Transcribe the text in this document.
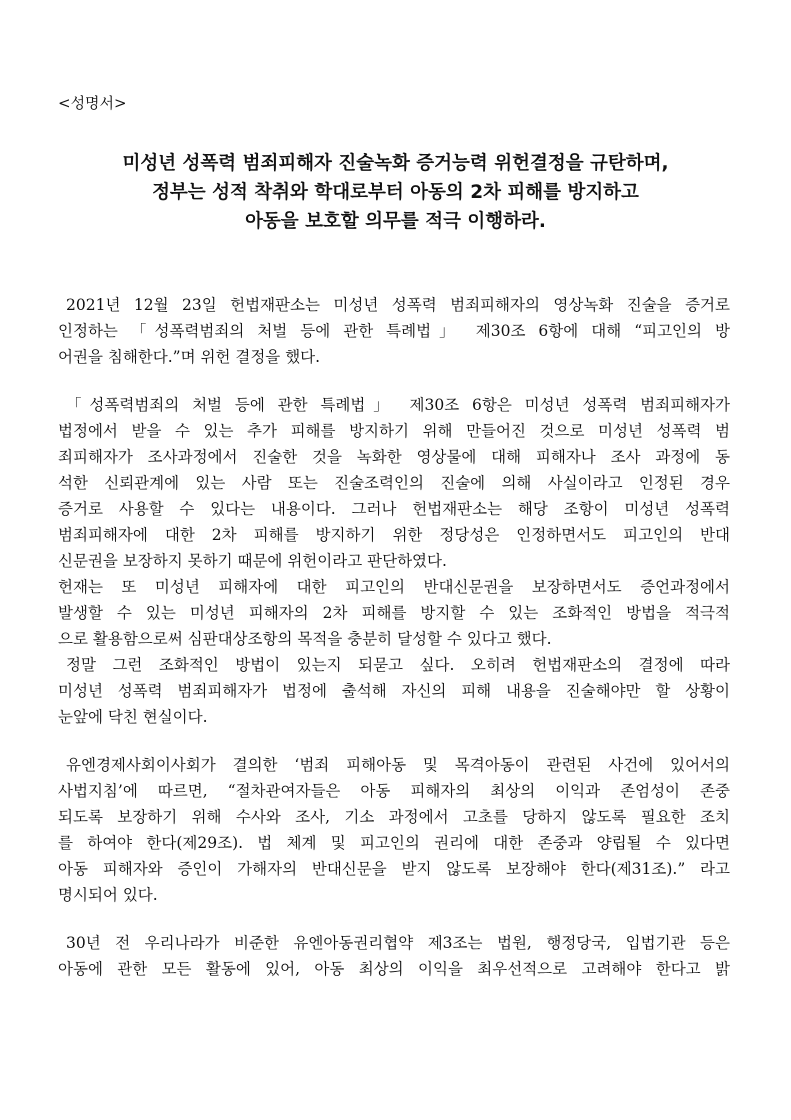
<성명서>
미성년 성폭력 범죄피해자 진술녹화 증거능력 위헌결정을 규탄하며,
정부는 성적 착취와 학대로부터 아동의 2차 피해를 방지하고
아동을 보호할 의무를 적극 이행하라.
2021년 12월 23일 헌법재판소는 미성년 성폭력 범죄피해자의 영상녹화 진술을 증거로
인정하는 「성폭력범죄의 처벌 등에 관한 특례법」 제30조 6항에 대해 “피고인의 방
어권을 침해한다.”며 위헌 결정을 했다.
「성폭력범죄의 처벌 등에 관한 특례법」 제30조 6항은 미성년 성폭력 범죄피해자가
법정에서 받을 수 있는 추가 피해를 방지하기 위해 만들어진 것으로 미성년 성폭력 범
죄피해자가 조사과정에서 진술한 것을 녹화한 영상물에 대해 피해자나 조사 과정에 동
석한 신뢰관계에 있는 사람 또는 진술조력인의 진술에 의해 사실이라고 인정된 경우
증거로 사용할 수 있다는 내용이다. 그러나 헌법재판소는 해당 조항이 미성년 성폭력
범죄피해자에 대한 2차 피해를 방지하기 위한 정당성은 인정하면서도 피고인의 반대
신문권을 보장하지 못하기 때문에 위헌이라고 판단하였다.
헌재는 또 미성년 피해자에 대한 피고인의 반대신문권을 보장하면서도 증언과정에서
발생할 수 있는 미성년 피해자의 2차 피해를 방지할 수 있는 조화적인 방법을 적극적
으로 활용함으로써 심판대상조항의 목적을 충분히 달성할 수 있다고 했다.
정말 그런 조화적인 방법이 있는지 되묻고 싶다. 오히려 헌법재판소의 결정에 따라
미성년 성폭력 범죄피해자가 법정에 출석해 자신의 피해 내용을 진술해야만 할 상황이
눈앞에 닥친 현실이다.
유엔경제사회이사회가 결의한 ‘범죄 피해아동 및 목격아동이 관련된 사건에 있어서의
사법지침’에 따르면, “절차관여자들은 아동 피해자의 최상의 이익과 존엄성이 존중
되도록 보장하기 위해 수사와 조사, 기소 과정에서 고초를 당하지 않도록 필요한 조치
를 하여야 한다(제29조). 법 체계 및 피고인의 권리에 대한 존중과 양립될 수 있다면
아동 피해자와 증인이 가해자의 반대신문을 받지 않도록 보장해야 한다(제31조).” 라고
명시되어 있다.
30년 전 우리나라가 비준한 유엔아동권리협약 제3조는 법원, 행정당국, 입법기관 등은
아동에 관한 모든 활동에 있어, 아동 최상의 이익을 최우선적으로 고려해야 한다고 밝
